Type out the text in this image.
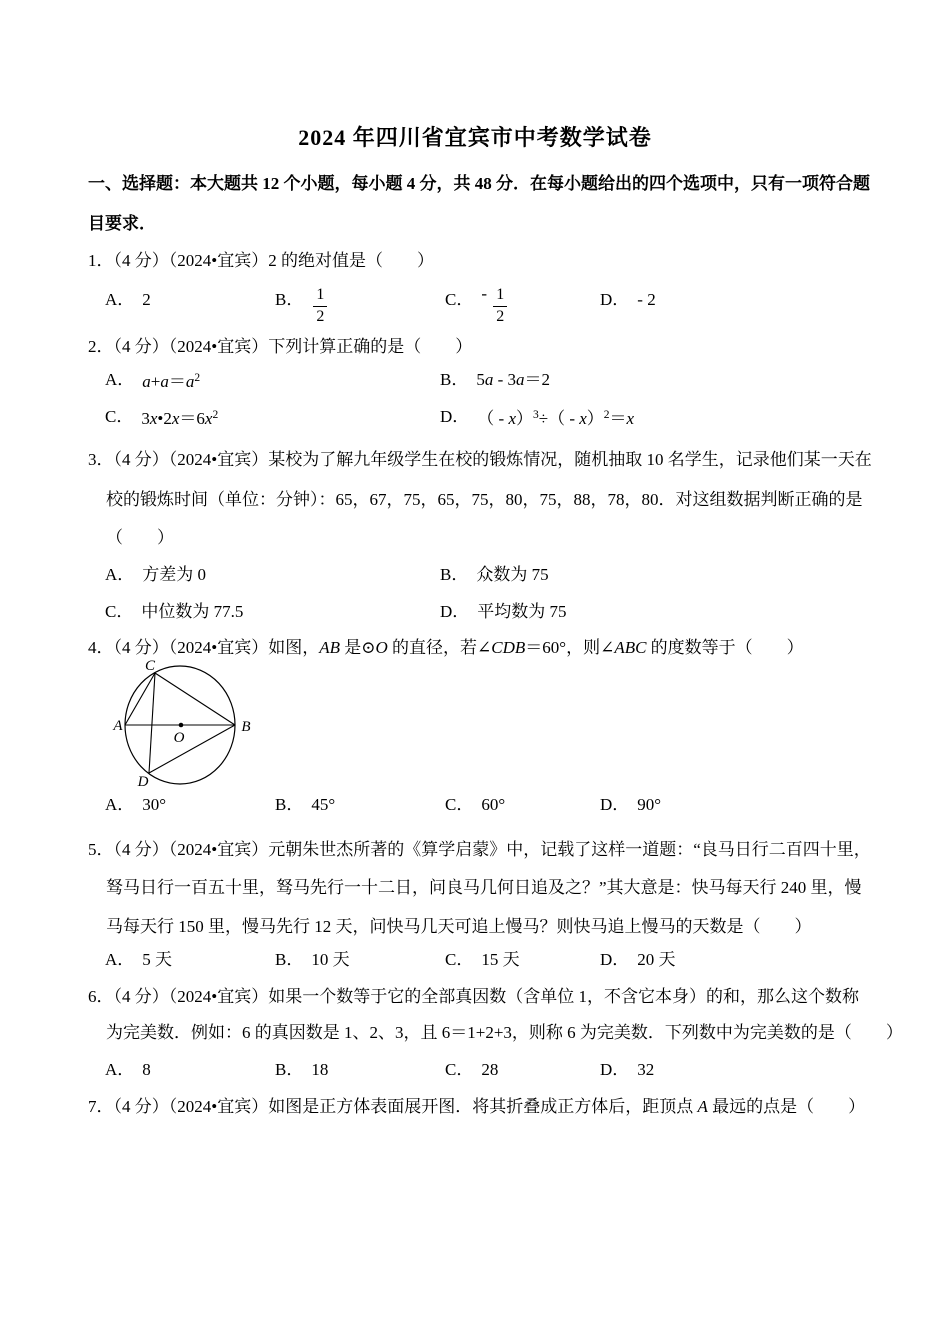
2024 年四川省宜宾市中考数学试卷
一、选择题：本大题共 12 个小题，每小题 4 分，共 48 分．在每小题给出的四个选项中，只有一项符合题
目要求．
1．（4 分）（2024•宜宾）2 的绝对值是（　　）
A． 2	B． $\frac{1}{2}$	C． - $\frac{1}{2}$	D． - 2
2．（4 分）（2024•宜宾）下列计算正确的是（　　）
A． $a+a=a^2$	B． 5a - 3a＝2
C． $3x•2x=6x^2$	D． （ - x）$^3$÷（ - x）$^2$＝x
3．（4 分）（2024•宜宾）某校为了解九年级学生在校的锻炼情况，随机抽取 10 名学生，记录他们某一天在
校的锻炼时间（单位：分钟）：65，67，75，65，75，80，75，88，78，80．对这组数据判断正确的是
（　　）
A． 方差为 0	B． 众数为 75
C． 中位数为 77.5	D． 平均数为 75
4．（4 分）（2024•宜宾）如图，AB 是⊙O 的直径，若∠CDB＝60°，则∠ABC 的度数等于（　　）
C
A	B
D
O
A． 30°	B． 45°	C． 60°	D． 90°
5．（4 分）（2024•宜宾）元朝朱世杰所著的《算学启蒙》中，记载了这样一道题：“良马日行二百四十里，
驽马日行一百五十里，驽马先行一十二日，问良马几何日追及之？”其大意是：快马每天行 240 里，慢
马每天行 150 里，慢马先行 12 天，问快马几天可追上慢马？则快马追上慢马的天数是（　　）
A． 5 天	B． 10 天	C． 15 天	D． 20 天
6．（4 分）（2024•宜宾）如果一个数等于它的全部真因数（含单位 1，不含它本身）的和，那么这个数称
为完美数．例如：6 的真因数是 1、2、3，且 6＝1+2+3，则称 6 为完美数．下列数中为完美数的是（　　）
A． 8	B． 18	C． 28	D． 32
7．（4 分）（2024•宜宾）如图是正方体表面展开图．将其折叠成正方体后，距顶点 A 最远的点是（　　）
